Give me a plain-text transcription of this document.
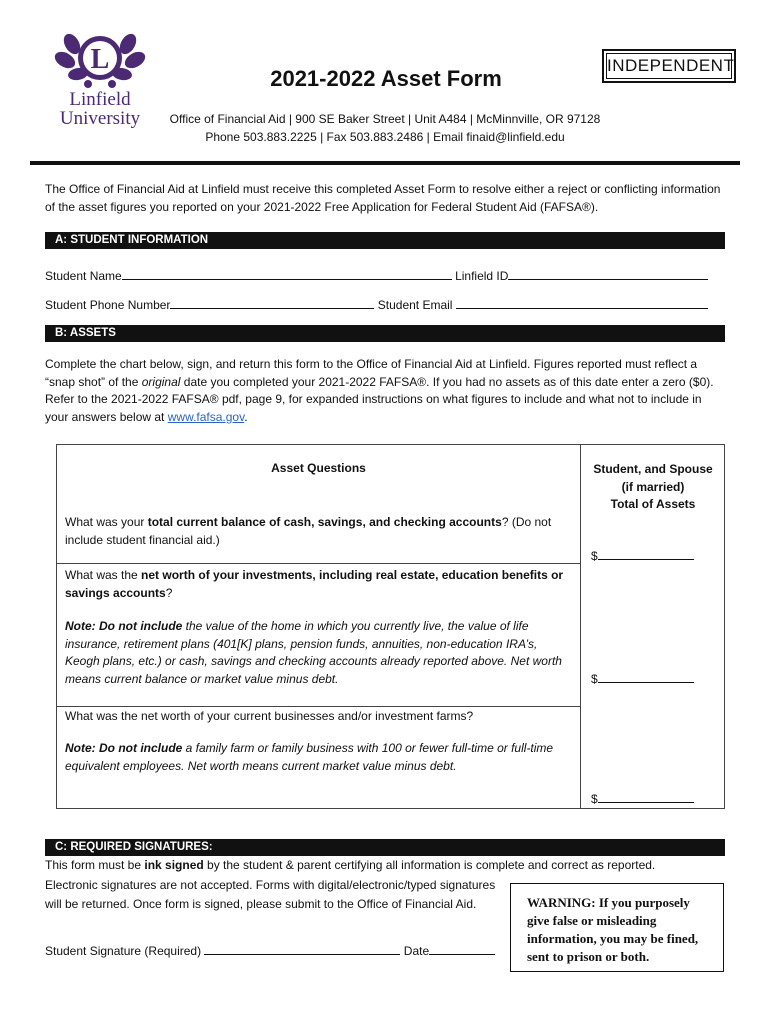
L
Linfield
University
2021-2022 Asset Form
INDEPENDENT
Office of Financial Aid | 900 SE Baker Street | Unit A484 | McMinnville, OR 97128
Phone 503.883.2225 | Fax 503.883.2486 | Email finaid@linfield.edu
The Office of Financial Aid at Linfield must receive this completed Asset Form to resolve either a reject or conflicting information of the asset figures you reported on your 2021-2022 Free Application for Federal Student Aid (FAFSA®).
A: STUDENT INFORMATION
Student Name	Linfield ID
Student Phone Number	Student Email
B: ASSETS
Complete the chart below, sign, and return this form to the Office of Financial Aid at Linfield. Figures reported must reflect a “snap shot” of the original date you completed your 2021-2022 FAFSA®. If you had no assets as of this date enter a zero ($0). Refer to the 2021-2022 FAFSA® pdf, page 9, for expanded instructions on what figures to include and what not to include in your answers below at www.fafsa.gov.
Asset Questions	Student, and Spouse
(if married)
Total of Assets
What was your total current balance of cash, savings, and checking accounts? (Do not include student financial aid.)
$
What was the net worth of your investments, including real estate, education benefits or savings accounts?
Note: Do not include the value of the home in which you currently live, the value of life insurance, retirement plans (401[K] plans, pension funds, annuities, non-education IRA’s, Keogh plans, etc.) or cash, savings and checking accounts already reported above. Net worth means current balance or market value minus debt.	$
What was the net worth of your current businesses and/or investment farms?
Note: Do not include a family farm or family business with 100 or fewer full-time or full-time equivalent employees. Net worth means current market value minus debt.
$
C: REQUIRED SIGNATURES:
This form must be ink signed by the student & parent certifying all information is complete and correct as reported.
Electronic signatures are not accepted. Forms with digital/electronic/typed signatures will be returned. Once form is signed, please submit to the Office of Financial Aid.
Student Signature (Required)	Date
WARNING: If you purposely give false or misleading information, you may be fined, sent to prison or both.
